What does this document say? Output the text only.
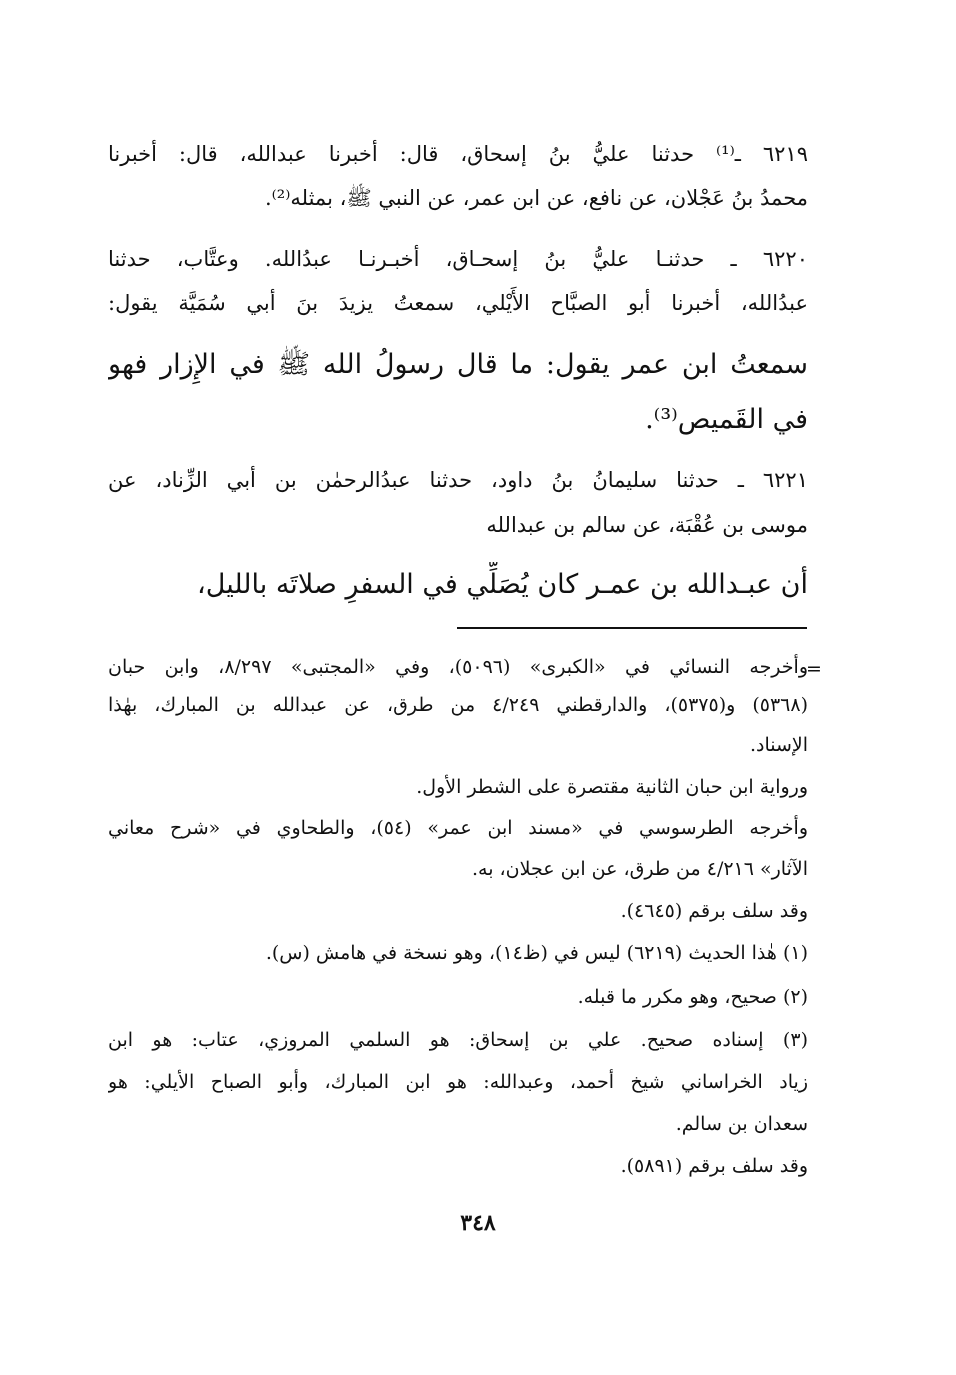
٦٢١٩ ـ⁽¹⁾ حدثنا عليُّ بنُ إسحاق، قال: أخبرنا عبدالله، قال: أخبرنا
محمدُ بنُ عَجْلان، عن نافع، عن ابن عمر، عن النبي ﷺ، بمثله⁽²⁾.
٦٢٢٠ ـ حدثنـا عليُّ بنُ إسحـاق، أخبـرنـا عبدُالله. وعتَّاب، حدثنا
عبدُالله، أخبرنا أبو الصبَّاح الأَيْلي، سمعتُ يزيدَ بنَ أبي سُمَيَّة يقول:
سمعتُ ابن عمر يقول: ما قال رسولُ الله ﷺ في الإِزار فهو
في القَميص⁽³⁾.
٦٢٢١ ـ حدثنا سليمانُ بنُ داود، حدثنا عبدُالرحمٰن بن أبي الزِّناد، عن
موسى بن عُقْبَة، عن سالم بن عبدالله
أن عبـدالله بن عمـر كان يُصَلِّي في السفرِ صلاتَه بالليل،
=
وأخرجه النسائي في «الكبرى» (٥٠٩٦)، وفي «المجتبى» ٨/٢٩٧، وابن حبان
(٥٣٦٨) و(٥٣٧٥)، والدارقطني ٤/٢٤٩ من طرق، عن عبدالله بن المبارك، بهٰذا
الإسناد.
ورواية ابن حبان الثانية مقتصرة على الشطر الأول.
وأخرجه الطرسوسي في «مسند ابن عمر» (٥٤)، والطحاوي في «شرح معاني
الآثار» ٤/٢١٦ من طرق، عن ابن عجلان، به.
وقد سلف برقم (٤٦٤٥).
(١) هٰذا الحديث (٦٢١٩) ليس في (ظ١٤)، وهو نسخة في هامش (س).
(٢) صحيح، وهو مكرر ما قبله.
(٣) إسناده صحيح. علي بن إسحاق: هو السلمي المروزي، عتاب: هو ابن
زياد الخراساني شيخ أحمد، وعبدالله: هو ابن المبارك، وأبو الصباح الأيلي: هو
سعدان بن سالم.
وقد سلف برقم (٥٨٩١).
٣٤٨
